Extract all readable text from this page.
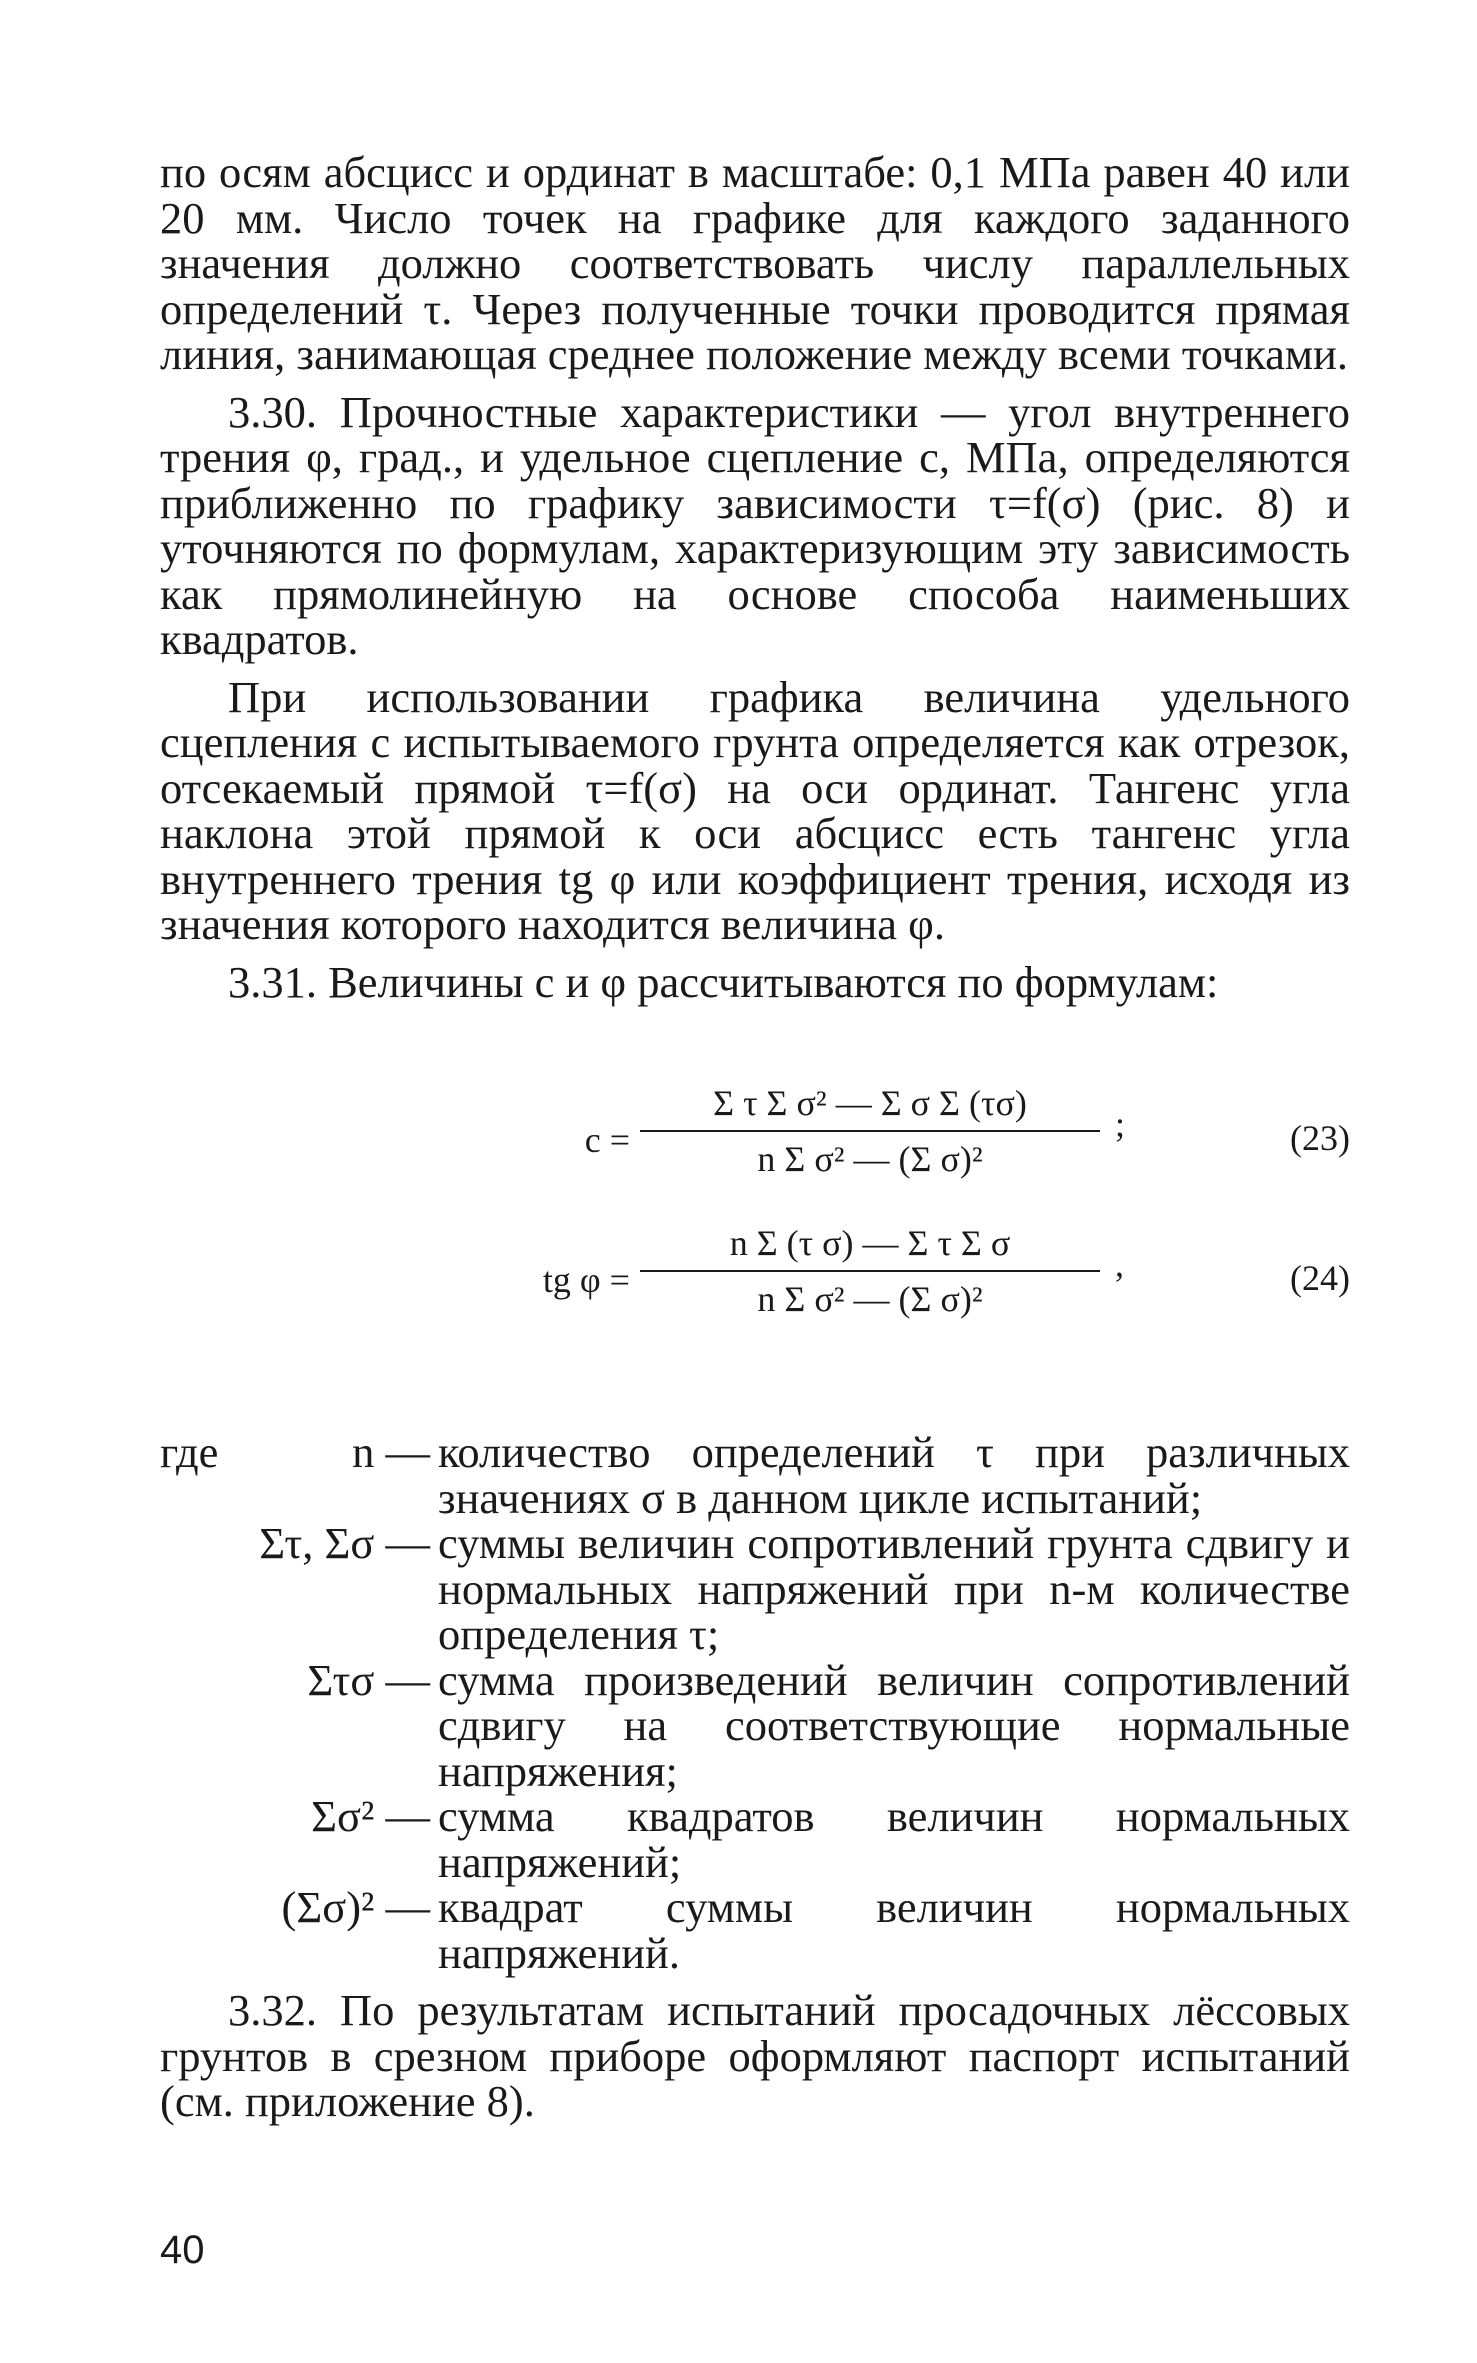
по осям абсцисс и ординат в масштабе: 0,1 МПа равен 40 или 20 мм. Число точек на графике для каждого заданного значения должно соответствовать числу параллельных определений τ. Через полученные точки проводится прямая линия, занимающая среднее положение между всеми точками.

3.30. Прочностные характеристики — угол внутреннего трения φ, град., и удельное сцепление с, МПа, определяются приближенно по графику зависимости τ=f(σ) (рис. 8) и уточняются по формулам, характеризующим эту зависимость как прямолинейную на основе способа наименьших квадратов.

При использовании графика величина удельного сцепления с испытываемого грунта определяется как отрезок, отсекаемый прямой τ=f(σ) на оси ординат. Тангенс угла наклона этой прямой к оси абсцисс есть тангенс угла внутреннего трения tg φ или коэффициент трения, исходя из значения которого находится величина φ.

3.31. Величины с и φ рассчитываются по формулам:

$c = \frac{\text{Σ τ Σ σ² — Σ σ Σ (τσ)}}{\text{n Σ σ² — (Σ σ)²}}$ ;	(23)
tg $\varphi = \frac{\text{n Σ (τ σ) — Σ τ Σ σ}}{\text{n Σ σ² — (Σ σ)²}}$ ,	(24)
где	n — количество определений τ при различных значениях σ в данном цикле испытаний;
Στ, Σσ — суммы величин сопротивлений грунта сдвигу и нормальных напряжений при n-м количестве определения τ;
Στσ — сумма произведений величин сопротивлений сдвигу на соответствующие нормальные напряжения;
Σσ² — сумма квадратов величин нормальных напряжений;
(Σσ)² — квадрат суммы величин нормальных напряжений.

3.32. По результатам испытаний просадочных лёссовых грунтов в срезном приборе оформляют паспорт испытаний (см. приложение 8).

40
